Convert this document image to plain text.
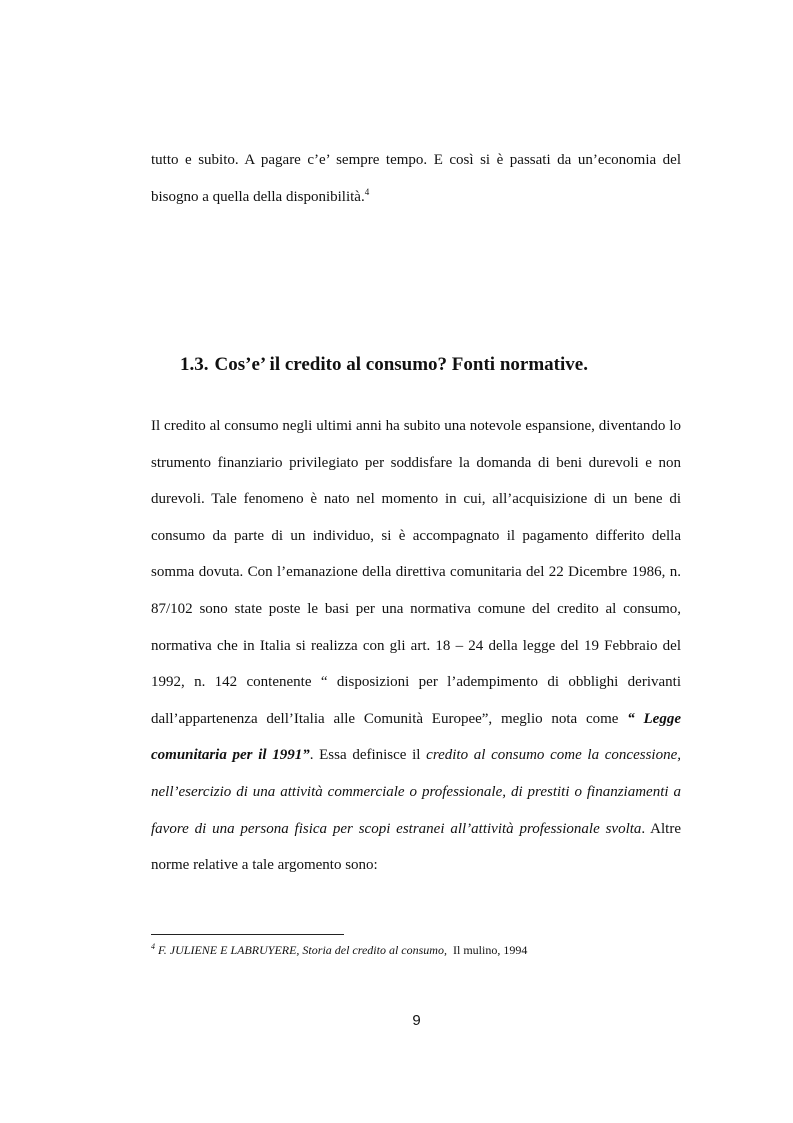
tutto e subito. A pagare c’e’ sempre tempo. E così si è passati da un’economia del bisogno a quella della disponibilità.$^4$

1.3. Cos’e’ il credito al consumo? Fonti normative.

Il credito al consumo negli ultimi anni ha subito una notevole espansione, diventando lo strumento finanziario privilegiato per soddisfare la domanda di beni durevoli e non durevoli. Tale fenomeno è nato nel momento in cui, all’acquisizione di un bene di consumo da parte di un individuo, si è accompagnato il pagamento differito della somma dovuta. Con l’emanazione della direttiva comunitaria del 22 Dicembre 1986, n. 87/102 sono state poste le basi per una normativa comune del credito al consumo, normativa che in Italia si realizza con gli art. 18 – 24 della legge del 19 Febbraio del 1992, n. 142 contenente “ disposizioni per l’adempimento di obblighi derivanti dall’appartenenza dell’Italia alle Comunità Europee”, meglio nota come “ Legge comunitaria per il 1991”. Essa definisce il credito al consumo come la concessione, nell’esercizio di una attività commerciale o professionale, di prestiti o finanziamenti a favore di una persona fisica per scopi estranei all’attività professionale svolta. Altre norme relative a tale argomento sono:

$^4$ F. JULIENE E LABRUYERE, Storia del credito al consumo, Il mulino, 1994
9
